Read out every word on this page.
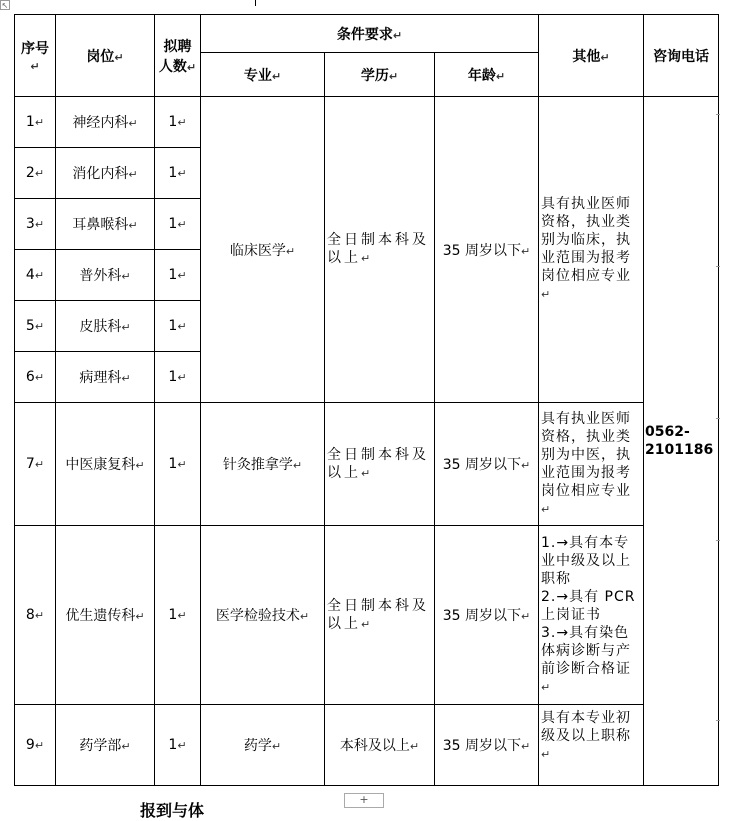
↖
序号↵	岗位↵	拟聘人数↵	条件要求↵			其他↵	咨询电话
			专业↵	学历↵	年龄↵		
1↵	神经内科↵	1↵	临床医学↵	全日制本科及以上↵	35 周岁以下↵	具有执业医师资格，执业类别为临床，执业范围为报考岗位相应专业↵	0562-2101186
2↵	消化内科↵	1↵					
3↵	耳鼻喉科↵	1↵					
4↵	普外科↵	1↵					
5↵	皮肤科↵	1↵					
6↵	病理科↵	1↵					
7↵	中医康复科↵	1↵	针灸推拿学↵	全日制本科及以上↵	35 周岁以下↵	具有执业医师资格，执业类别为中医，执业范围为报考岗位相应专业↵	
8↵	优生遗传科↵	1↵	医学检验技术↵	全日制本科及以上↵	35 周岁以下↵	1.→具有本专业中级及以上职称
2.→具有 PCR 上岗证书
3.→具有染色体病诊断与产前诊断合格证↵	

9↵	药学部↵	1↵	药学↵	本科及以上↵	35 周岁以下↵	具有本专业初级及以上职称↵	
报到与体
+
